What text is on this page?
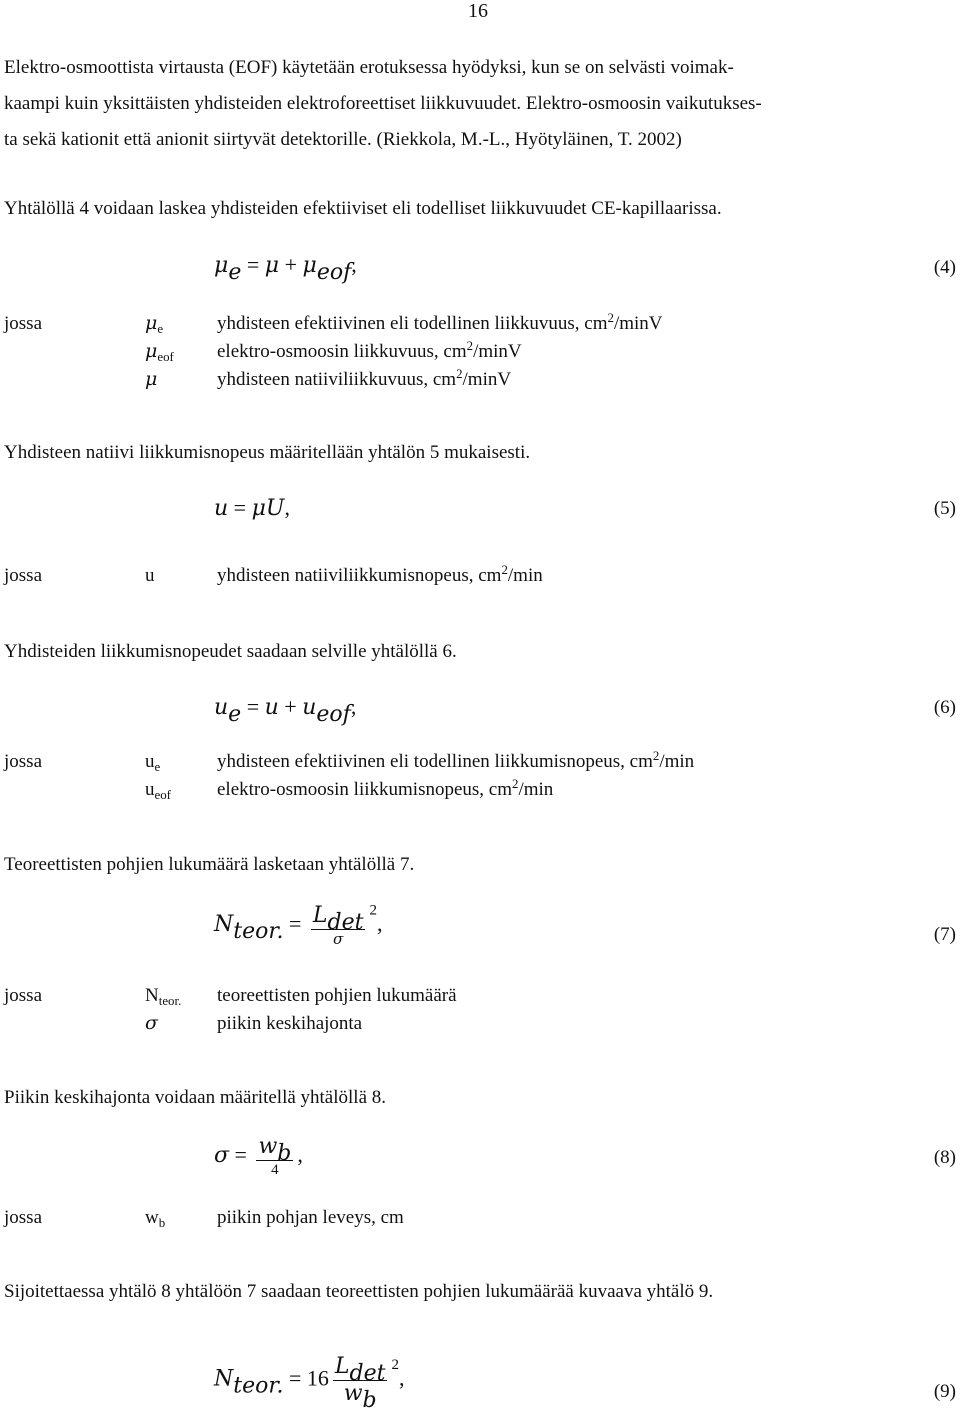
16
Elektro-osmoottista virtausta (EOF) käytetään erotuksessa hyödyksi, kun se on selvästi voimak-
kaampi kuin yksittäisten yhdisteiden elektroforeettiset liikkuvuudet. Elektro-osmoosin vaikutukses-
ta sekä kationit että anionit siirtyvät detektorille. (Riekkola, M.-L., Hyötyläinen, T. 2002)
Yhtälöllä 4 voidaan laskea yhdisteiden efektiiviset eli todelliset liikkuvuudet CE-kapillaarissa.
$\mu_e = \mu + \mu_{eof}$,	(4)
jossa	$\mu_e$	yhdisteen efektiivinen eli todellinen liikkuvuus, $cm^2$/minV
$\mu_{eof}$ elektro-osmoosin liikkuvuus, $cm^2$/minV
μ	yhdisteen natiiviliikkuvuus, $cm^2$/minV
Yhdisteen natiivi liikkumisnopeus määritellään yhtälön 5 mukaisesti.
u = μU,	(5)
jossa	u	yhdisteen natiiviliikkumisnopeus, $cm^2/\min$
Yhdisteiden liikkumisnopeudet saadaan selville yhtälöllä 6.
$u_e = u + u_{eof}$,	(6)
jossa	$u_e$	yhdisteen efektiivinen eli todellinen liikkumisnopeus, $cm^2/\min$
$u_{eof}$ elektro-osmoosin liikkumisnopeus, $cm^2/\min$
Teoreettisten pohjien lukumäärä lasketaan yhtälöllä 7.
$N_{teor.} = \frac{L_{det}}{\sigma} ^2$,	(7)
jossa	$N_{teor.}$ teoreettisten pohjien lukumäärä
σ	piikin keskihajonta
Piikin keskihajonta voidaan määritellä yhtälöllä 8.
$\sigma = \frac{w_b}{4}$ ,	(8)
jossa	$w_b$	piikin pohjan leveys, cm
Sijoitettaessa yhtälö 8 yhtälöön 7 saadaan teoreettisten pohjien lukumäärää kuvaava yhtälö 9.
$N_{teor.} = 16 \frac{L_{det}}{w_b} ^2$,
(9)
